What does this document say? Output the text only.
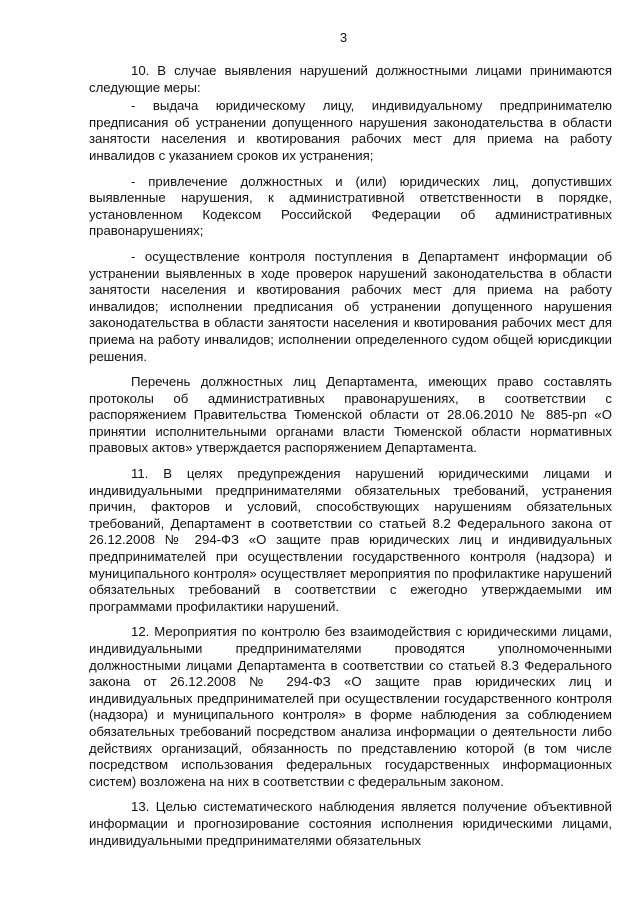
3

10. В случае выявления нарушений должностными лицами принимаются следующие меры:

- выдача юридическому лицу, индивидуальному предпринимателю предписания об устранении допущенного нарушения законодательства в области занятости населения и квотирования рабочих мест для приема на работу инвалидов с указанием сроков их устранения;

- привлечение должностных и (или) юридических лиц, допустивших выявленные нарушения, к административной ответственности в порядке, установленном Кодексом Российской Федерации об административных правонарушениях;

- осуществление контроля поступления в Департамент информации об устранении выявленных в ходе проверок нарушений законодательства в области занятости населения и квотирования рабочих мест для приема на работу инвалидов; исполнении предписания об устранении допущенного нарушения законодательства в области занятости населения и квотирования рабочих мест для приема на работу инвалидов; исполнении определенного судом общей юрисдикции решения.

Перечень должностных лиц Департамента, имеющих право составлять протоколы об административных правонарушениях, в соответствии с распоряжением Правительства Тюменской области от 28.06.2010 № 885-рп «О принятии исполнительными органами власти Тюменской области нормативных правовых актов» утверждается распоряжением Департамента.

11. В целях предупреждения нарушений юридическими лицами и индивидуальными предпринимателями обязательных требований, устранения причин, факторов и условий, способствующих нарушениям обязательных требований, Департамент в соответствии со статьей 8.2 Федерального закона от 26.12.2008 № 294-ФЗ «О защите прав юридических лиц и индивидуальных предпринимателей при осуществлении государственного контроля (надзора) и муниципального контроля» осуществляет мероприятия по профилактике нарушений обязательных требований в соответствии с ежегодно утверждаемыми им программами профилактики нарушений.

12. Мероприятия по контролю без взаимодействия с юридическими лицами, индивидуальными предпринимателями проводятся уполномоченными должностными лицами Департамента в соответствии со статьей 8.3 Федерального закона от 26.12.2008 № 294-ФЗ «О защите прав юридических лиц и индивидуальных предпринимателей при осуществлении государственного контроля (надзора) и муниципального контроля» в форме наблюдения за соблюдением обязательных требований посредством анализа информации о деятельности либо действиях организаций, обязанность по представлению которой (в том числе посредством использования федеральных государственных информационных систем) возложена на них в соответствии с федеральным законом.

13. Целью систематического наблюдения является получение объективной информации и прогнозирование состояния исполнения юридическими лицами, индивидуальными предпринимателями обязательных
